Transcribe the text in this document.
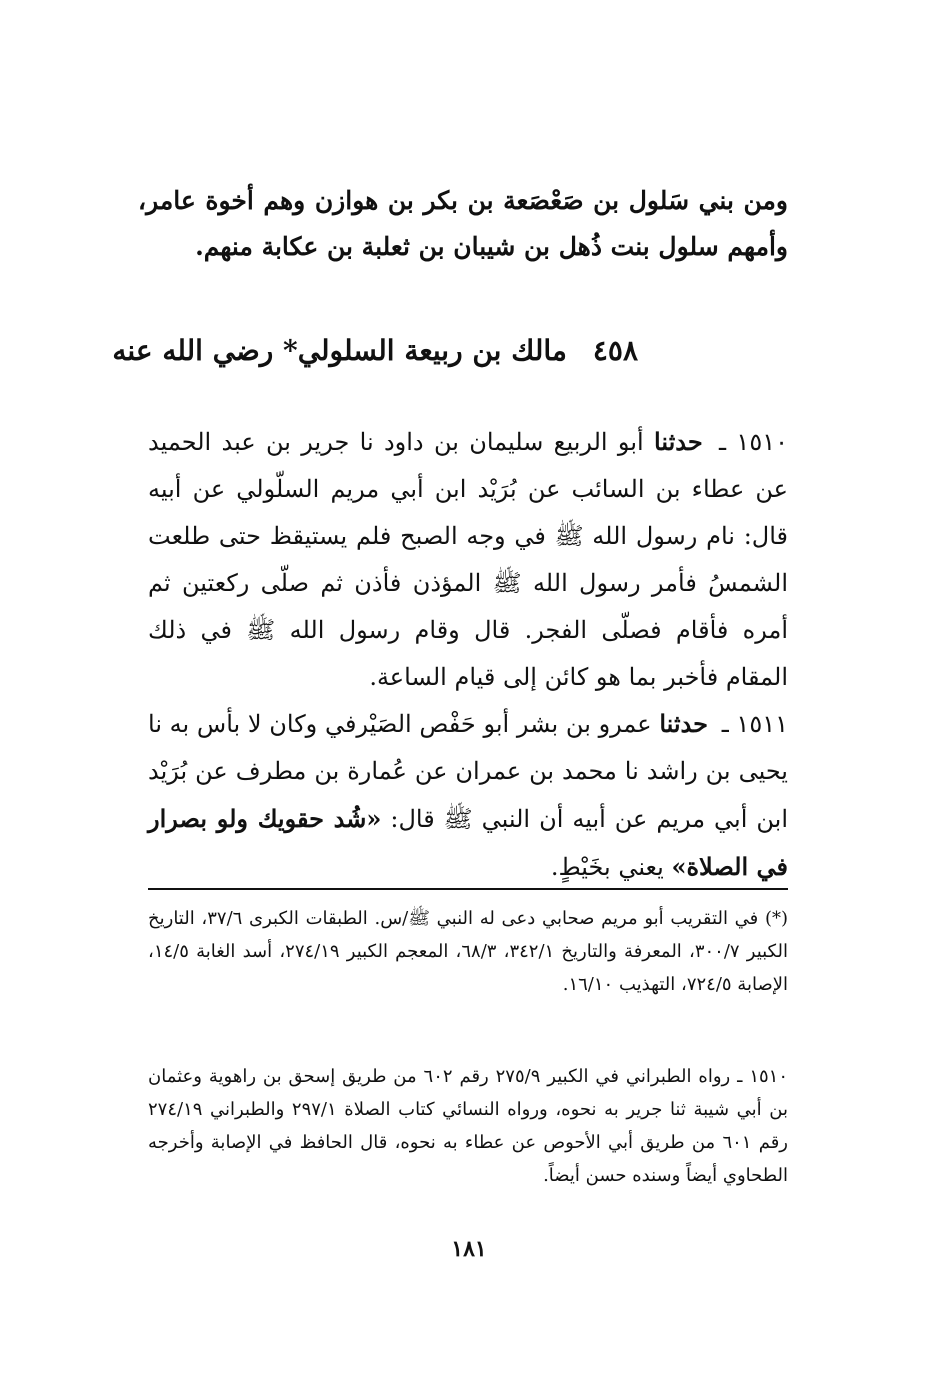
ومن بني سَلول بن صَعْصَعة بن بكر بن هوازن وهم أخوة عامر، وأمهم سلول بنت ذُهل بن شيبان بن ثعلبة بن عكابة منهم.

٤٥٨مالك بن ربيعة السلولي* رضي الله عنه

١٥١٠ ـ حدثنا أبو الربيع سليمان بن داود نا جرير بن عبد الحميد عن عطاء بن السائب عن بُرَيْد ابن أبي مريم السلّولي عن أبيه قال: نام رسول الله ﷺ في وجه الصبح فلم يستيقظ حتى طلعت الشمسُ فأمر رسول الله ﷺ المؤذن فأذن ثم صلّى ركعتين ثم أمره فأقام فصلّى الفجر. قال وقام رسول الله ﷺ في ذلك المقام فأخبر بما هو كائن إلى قيام الساعة.

١٥١١ ـ حدثنا عمرو بن بشر أبو حَفْص الصَيْرفي وكان لا بأس به نا يحيى بن راشد نا محمد بن عمران عن عُمارة بن مطرف عن بُرَيْد ابن أبي مريم عن أبيه أن النبي ﷺ قال: «شُد حقويك ولو بصرار في الصلاة» يعني بخَيْطٍ.

(*) في التقريب أبو مريم صحابي دعى له النبي ﷺ/س. الطبقات الكبرى ٣٧/٦، التاريخ الكبير ٣٠٠/٧، المعرفة والتاريخ ٣٤٢/١، ٦٨/٣، المعجم الكبير ٢٧٤/١٩، أسد الغابة ١٤/٥، الإصابة ٧٢٤/٥، التهذيب ١٦/١٠.

١٥١٠ ـ رواه الطبراني في الكبير ٢٧٥/٩ رقم ٦٠٢ من طريق إسحق بن راهوية وعثمان بن أبي شيبة ثنا جرير به نحوه، ورواه النسائي كتاب الصلاة ٢٩٧/١ والطبراني ٢٧٤/١٩ رقم ٦٠١ من طريق أبي الأحوص عن عطاء به نحوه، قال الحافظ في الإصابة وأخرجه الطحاوي أيضاً وسنده حسن أيضاً.

١٨١
